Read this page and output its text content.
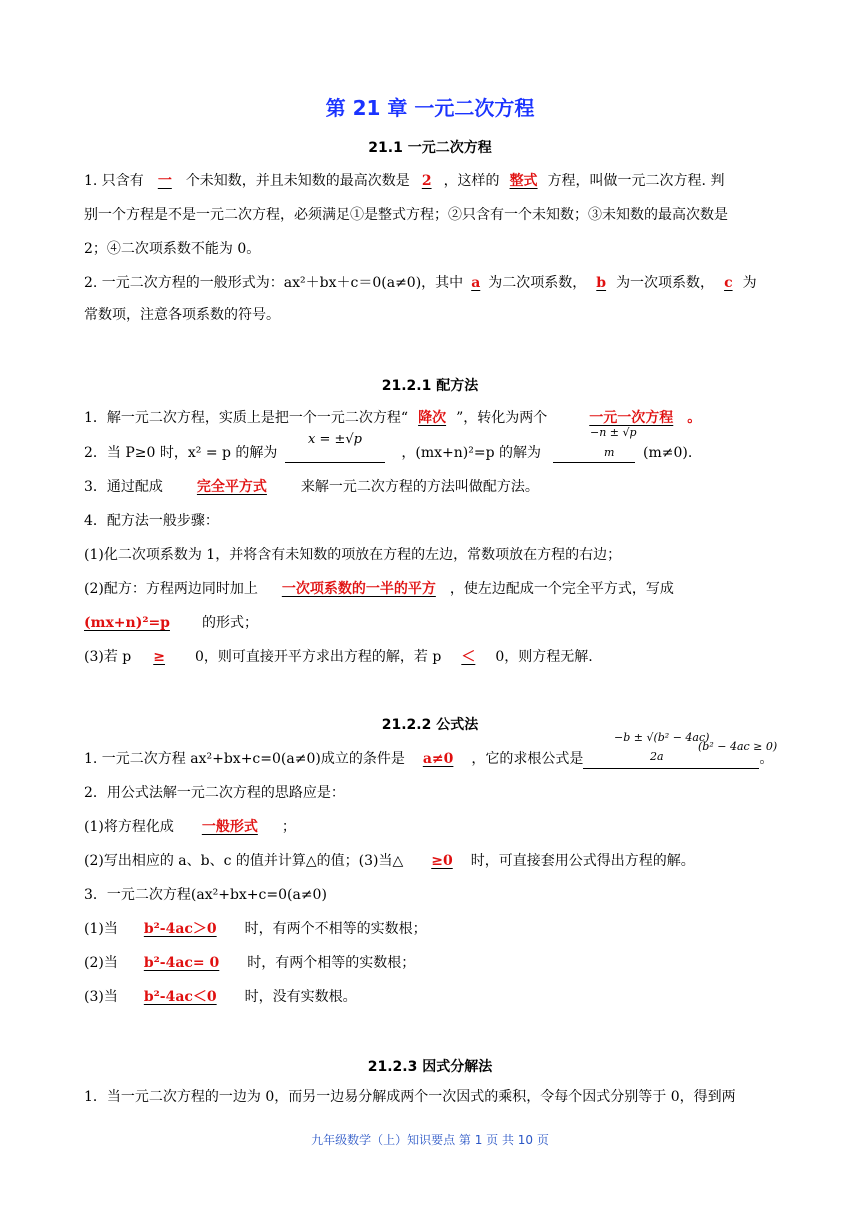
第 21 章 一元二次方程
21.1 一元二次方程
1. 只含有 一 个未知数，并且未知数的最高次数是 2 ，这样的 整式 方程，叫做一元二次方程. 判
别一个方程是不是一元二次方程，必须满足①是整式方程；②只含有一个未知数；③未知数的最高次数是
2；④二次项系数不能为 0。
2. 一元二次方程的一般形式为：ax²＋bx＋c＝0(a≠0)，其中 a 为二次项系数， b 为一次项系数， c 为
常数项，注意各项系数的符号。
21.2.1 配方法
1．解一元二次方程，实质上是把一个一元二次方程“ 降次 ”，转化为两个	一元一次方程 。
2．当 P≥0 时，x² = p 的解为	，(mx+n)²=p 的解为	(m≠0).
x = ±√p	−n ± √p
m
3．通过配成 完全平方式 来解一元二次方程的方法叫做配方法。
4．配方法一般步骤：
(1)化二次项系数为 1，并将含有未知数的项放在方程的左边，常数项放在方程的右边；
(2)配方：方程两边同时加上 一次项系数的一半的平方 ，使左边配成一个完全平方式，写成
(mx+n)²=p 的形式；
(3)若 p ≥ 0，则可直接开平方求出方程的解，若 p ＜ 0，则方程无解.
21.2.2 公式法
1. 一元二次方程 ax²+bx+c=0(a≠0)成立的条件是 a≠0 ，它的求根公式是	。
−b ± √(b² − 4ac)
2a
(b² − 4ac ≥ 0)
2．用公式法解一元二次方程的思路应是：
(1)将方程化成 一般形式 ；
(2)写出相应的 a、b、c 的值并计算△的值；(3)当△ ≥0 时，可直接套用公式得出方程的解。
3．一元二次方程(ax²+bx+c=0(a≠0)
(1)当 b²-4ac＞0 时，有两个不相等的实数根；
(2)当 b²-4ac= 0 时，有两个相等的实数根；
(3)当 b²-4ac＜0 时，没有实数根。
21.2.3 因式分解法
1．当一元二次方程的一边为 0，而另一边易分解成两个一次因式的乘积，令每个因式分别等于 0，得到两
九年级数学（上）知识要点 第 1 页 共 10 页
